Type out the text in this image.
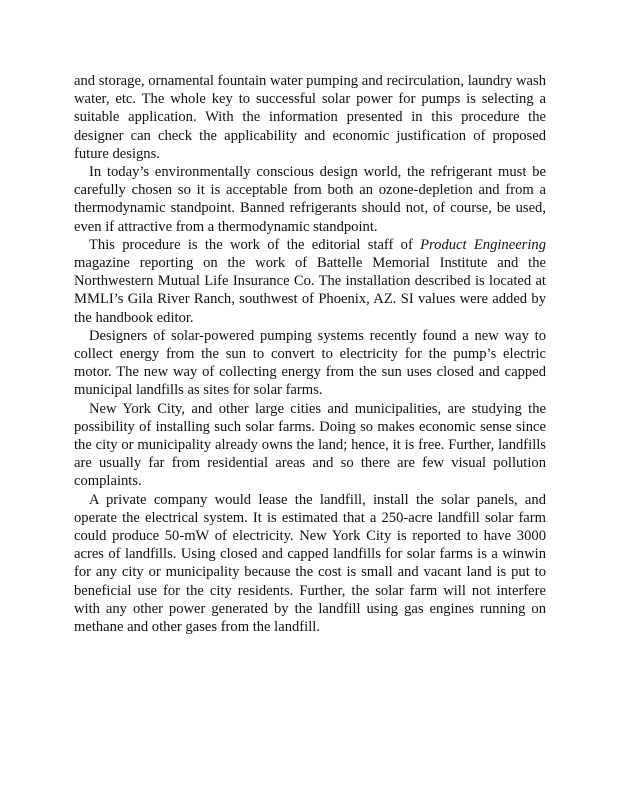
and storage, ornamental fountain water pumping and recirculation, laundry wash water, etc. The whole key to successful solar power for pumps is selecting a suitable application. With the information presented in this procedure the designer can check the applicability and economic justification of proposed future designs.

In today’s environmentally conscious design world, the refrigerant must be carefully chosen so it is acceptable from both an ozone-depletion and from a thermodynamic standpoint. Banned refrigerants should not, of course, be used, even if attractive from a thermodynamic standpoint.

This procedure is the work of the editorial staff of Product Engineering magazine reporting on the work of Battelle Memorial Institute and the Northwestern Mutual Life Insurance Co. The installation described is located at MMLI’s Gila River Ranch, southwest of Phoenix, AZ. SI values were added by the handbook editor.

Designers of solar-powered pumping systems recently found a new way to collect energy from the sun to convert to electricity for the pump’s electric motor. The new way of collecting energy from the sun uses closed and capped municipal landfills as sites for solar farms.

New York City, and other large cities and municipalities, are studying the possibility of installing such solar farms. Doing so makes economic sense since the city or municipality already owns the land; hence, it is free. Further, landfills are usually far from residential areas and so there are few visual pollution complaints.

A private company would lease the landfill, install the solar panels, and operate the electrical system. It is estimated that a 250-acre landfill solar farm could produce 50-mW of electricity. New York City is reported to have 3000 acres of landfills. Using closed and capped landfills for solar farms is a winwin for any city or municipality because the cost is small and vacant land is put to beneficial use for the city residents. Further, the solar farm will not interfere with any other power generated by the landfill using gas engines running on methane and other gases from the landfill.
